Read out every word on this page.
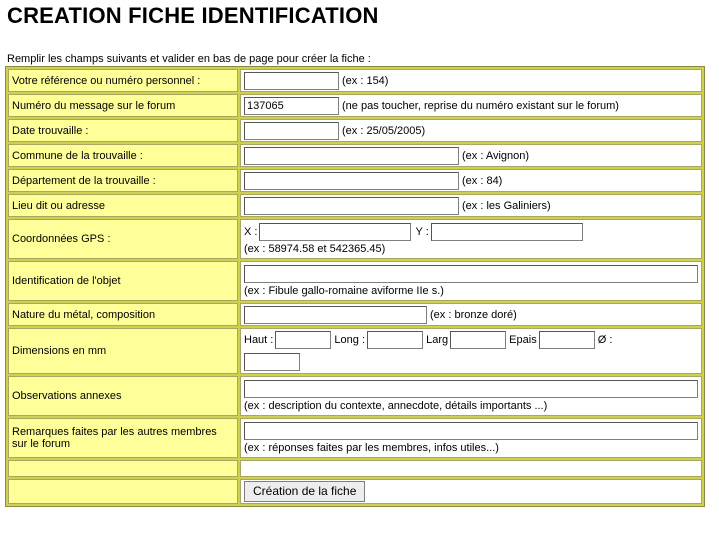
CREATION FICHE IDENTIFICATION
Remplir les champs suivants et valider en bas de page pour créer la fiche :
Votre référence ou numéro personnel :	(ex : 154)
Numéro du message sur le forum	137065 (ne pas toucher, reprise du numéro existant sur le forum)
Date trouvaille :	(ex : 25/05/2005)
Commune de la trouvaille :	(ex : Avignon)
Département de la trouvaille :	(ex : 84)
Lieu dit ou adresse	(ex : les Galiniers)
Coordonnées GPS :	X : Y :
(ex : 58974.58 et 542365.45)

Identification de l'objet	(ex : Fibule gallo-romaine aviforme IIe s.)

Nature du métal, composition	(ex : bronze doré)
Dimensions en mm	Haut : Long : Larg Epais Ø :

Observations annexes	(ex : description du contexte, annecdote, détails importants ...)

Remarques faites par les autres membres sur le forum	(ex : réponses faites par les membres, infos utiles...)

	Création de la fiche
